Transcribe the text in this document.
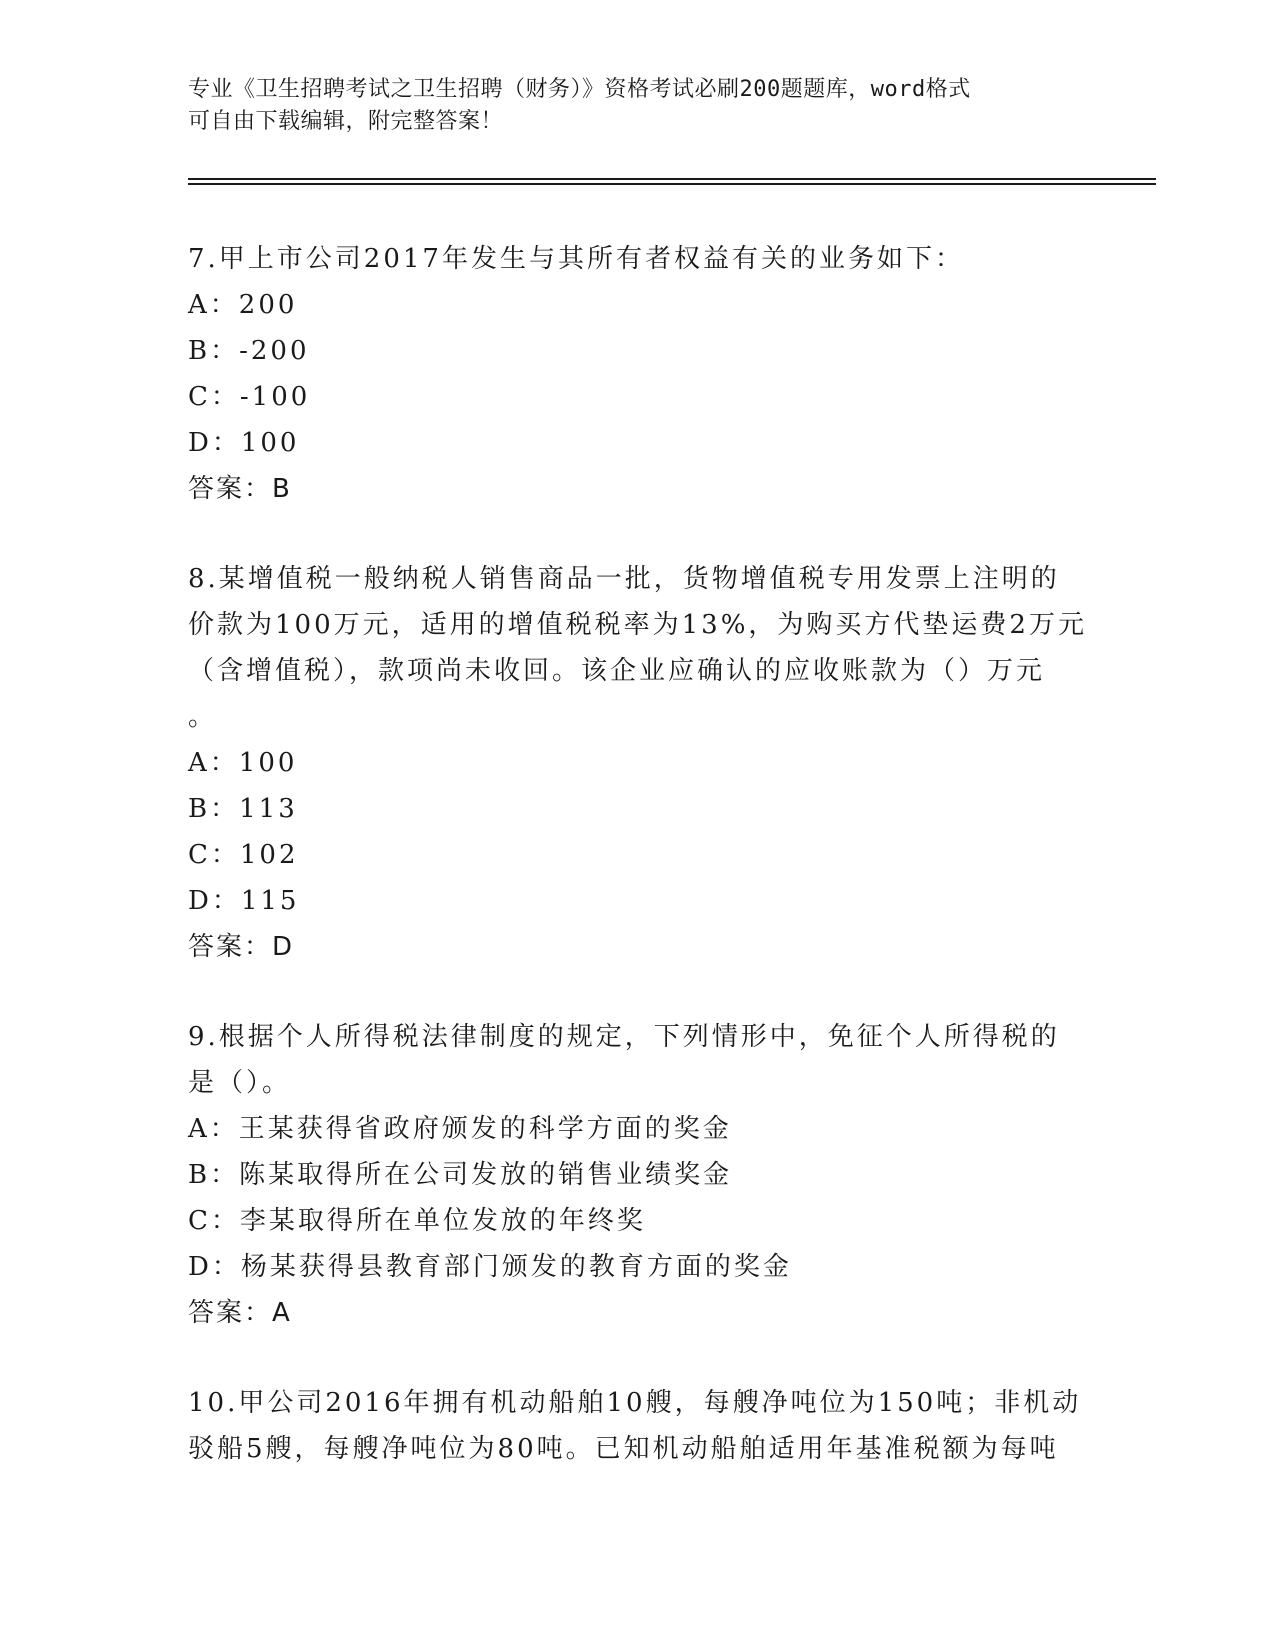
专业《卫生招聘考试之卫生招聘（财务）》资格考试必刷200题题库，word格式
可自由下载编辑，附完整答案！

7.甲上市公司2017年发生与其所有者权益有关的业务如下：

A：200

B：-200

C：-100

D：100

答案：B

8.某增值税一般纳税人销售商品一批，货物增值税专用发票上注明的

价款为100万元，适用的增值税税率为13%，为购买方代垫运费2万元

（含增值税），款项尚未收回。该企业应确认的应收账款为（）万元

。

A：100

B：113

C：102

D：115

答案：D

9.根据个人所得税法律制度的规定，下列情形中，免征个人所得税的

是（）。

A：王某获得省政府颁发的科学方面的奖金

B：陈某取得所在公司发放的销售业绩奖金

C：李某取得所在单位发放的年终奖

D：杨某获得县教育部门颁发的教育方面的奖金

答案：A

10.甲公司2016年拥有机动船舶10艘，每艘净吨位为150吨；非机动

驳船5艘，每艘净吨位为80吨。已知机动船舶适用年基准税额为每吨
